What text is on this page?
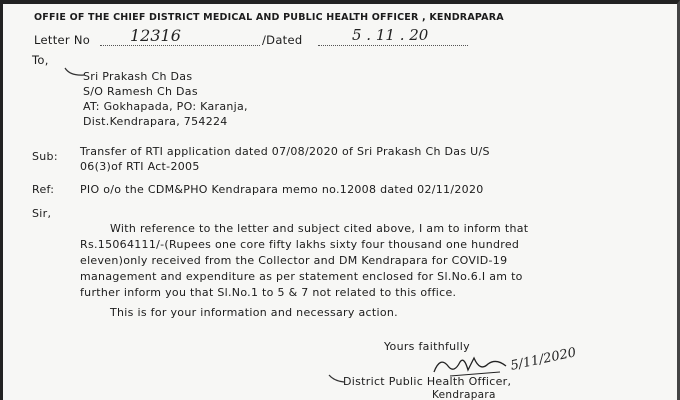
OFFIE OF THE CHIEF DISTRICT MEDICAL AND PUBLIC HEALTH OFFICER , KENDRAPARA
Letter No 12316	/Dated	5 . 11 . 20
To,
Sri Prakash Ch Das
S/O Ramesh Ch Das
AT: Gokhapada, PO: Karanja,
Dist.Kendrapara, 754224
Sub: Transfer of RTI application dated 07/08/2020 of Sri Prakash Ch Das U/S
06(3)of RTI Act-2005
Ref: PIO o/o the CDM&PHO Kendrapara memo no.12008 dated 02/11/2020
Sir,
With reference to the letter and subject cited above, I am to inform that
Rs.15064111/-(Rupees one core fifty lakhs sixty four thousand one hundred
eleven)only received from the Collector and DM Kendrapara for COVID-19
management and expenditure as per statement enclosed for Sl.No.6.I am to
further inform you that Sl.No.1 to 5 & 7 not related to this office.
This is for your information and necessary action.
Yours faithfully	5/11/2020
District Public Health Officer,
Kendrapara
